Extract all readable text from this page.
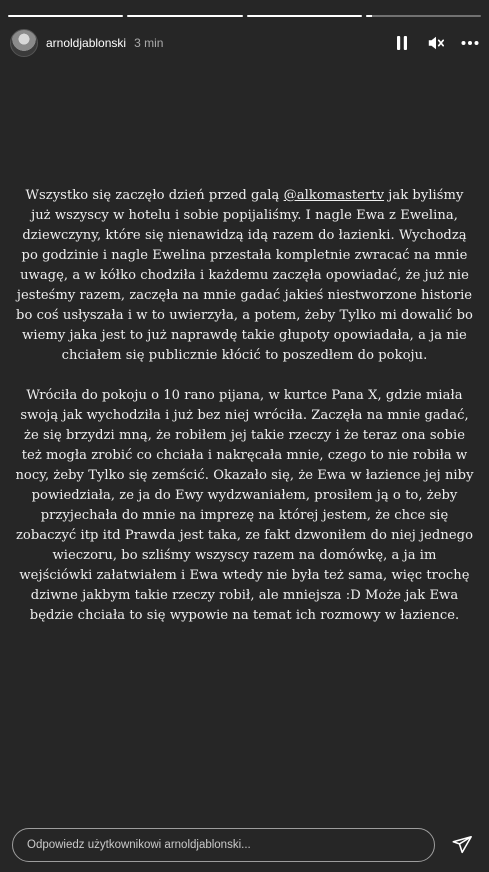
arnoldjablonski 3 min

Wszystko się zaczęło dzień przed galą @alkomastertv jak byliśmy już wszyscy w hotelu i sobie popijaliśmy. I nagle Ewa z Ewelina, dziewczyny, które się nienawidzą idą razem do łazienki. Wychodzą po godzinie i nagle Ewelina przestała kompletnie zwracać na mnie uwagę, a w kółko chodziła i każdemu zaczęła opowiadać, że już nie jesteśmy razem, zaczęła na mnie gadać jakieś niestworzone historie bo coś usłyszała i w to uwierzyła, a potem, żeby Tylko mi dowalić bo wiemy jaka jest to już naprawdę takie głupoty opowiadała, a ja nie chciałem się publicznie kłócić to poszedłem do pokoju.

Wróciła do pokoju o 10 rano pijana, w kurtce Pana X, gdzie miała swoją jak wychodziła i już bez niej wróciła. Zaczęła na mnie gadać, że się brzydzi mną, że robiłem jej takie rzeczy i że teraz ona sobie też mogła zrobić co chciała i nakręcała mnie, czego to nie robiła w nocy, żeby Tylko się zemścić. Okazało się, że Ewa w łazience jej niby powiedziała, ze ja do Ewy wydzwaniałem, prosiłem ją o to, żeby przyjechała do mnie na imprezę na której jestem, że chce się zobaczyć itp itd Prawda jest taka, ze fakt dzwoniłem do niej jednego wieczoru, bo szliśmy wszyscy razem na domówkę, a ja im wejściówki załatwiałem i Ewa wtedy nie była też sama, więc trochę dziwne jakbym takie rzeczy robił, ale mniejsza :D Może jak Ewa będzie chciała to się wypowie na temat ich rozmowy w łazience.

Odpowiedz użytkownikowi arnoldjablonski...
